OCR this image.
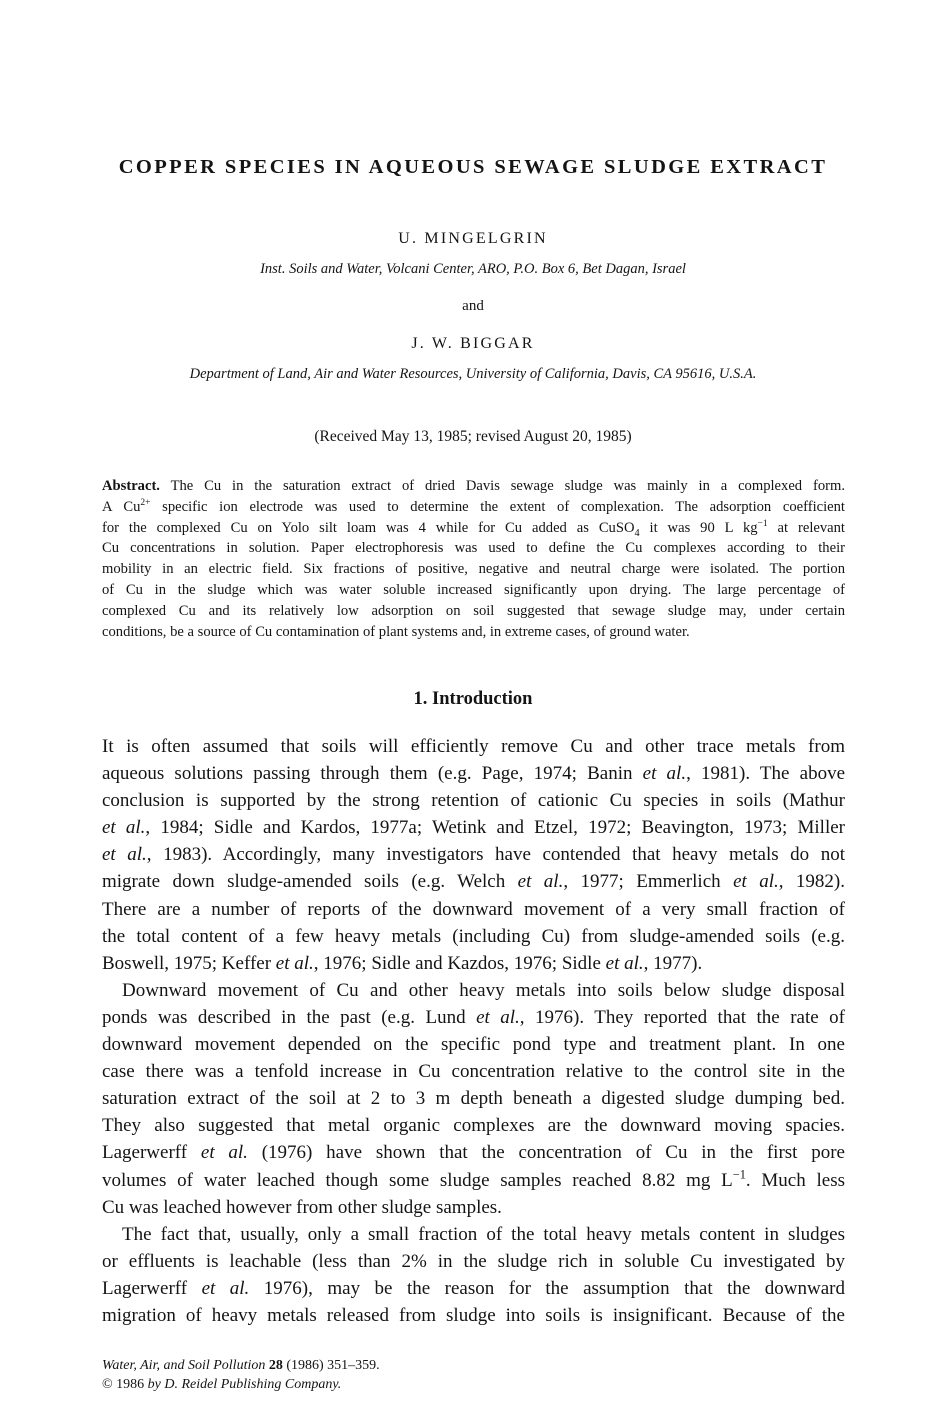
COPPER SPECIES IN AQUEOUS SEWAGE SLUDGE EXTRACT
U. MINGELGRIN
Inst. Soils and Water, Volcani Center, ARO, P.O. Box 6, Bet Dagan, Israel
and
J. W. BIGGAR
Department of Land, Air and Water Resources, University of California, Davis, CA 95616, U.S.A.
(Received May 13, 1985; revised August 20, 1985)
Abstract. The Cu in the saturation extract of dried Davis sewage sludge was mainly in a complexed form.
A $Cu^{2+}$ specific ion electrode was used to determine the extent of complexation. The adsorption coefficient
for the complexed Cu on Yolo silt loam was 4 while for Cu added as CuSO$_4$ it was 90 L $kg^{-1}$ at relevant
Cu concentrations in solution. Paper electrophoresis was used to define the Cu complexes according to their
mobility in an electric field. Six fractions of positive, negative and neutral charge were isolated. The portion
of Cu in the sludge which was water soluble increased significantly upon drying. The large percentage of
complexed Cu and its relatively low adsorption on soil suggested that sewage sludge may, under certain
conditions, be a source of Cu contamination of plant systems and, in extreme cases, of ground water.
1. Introduction
It is often assumed that soils will efficiently remove Cu and other trace metals from
aqueous solutions passing through them (e.g. Page, 1974; Banin et al., 1981). The above
conclusion is supported by the strong retention of cationic Cu species in soils (Mathur
et al., 1984; Sidle and Kardos, 1977a; Wetink and Etzel, 1972; Beavington, 1973; Miller
et al., 1983). Accordingly, many investigators have contended that heavy metals do not
migrate down sludge-amended soils (e.g. Welch et al., 1977; Emmerlich et al., 1982).
There are a number of reports of the downward movement of a very small fraction of
the total content of a few heavy metals (including Cu) from sludge-amended soils (e.g.
Boswell, 1975; Keffer et al., 1976; Sidle and Kazdos, 1976; Sidle et al., 1977).
Downward movement of Cu and other heavy metals into soils below sludge disposal
ponds was described in the past (e.g. Lund et al., 1976). They reported that the rate of
downward movement depended on the specific pond type and treatment plant. In one
case there was a tenfold increase in Cu concentration relative to the control site in the
saturation extract of the soil at 2 to 3 m depth beneath a digested sludge dumping bed.
They also suggested that metal organic complexes are the downward moving spacies.
Lagerwerff et al. (1976) have shown that the concentration of Cu in the first pore
volumes of water leached though some sludge samples reached 8.82 mg $L^{-1}$. Much less
Cu was leached however from other sludge samples.
The fact that, usually, only a small fraction of the total heavy metals content in sludges
or effluents is leachable (less than 2% in the sludge rich in soluble Cu investigated by
Lagerwerff et al. 1976), may be the reason for the assumption that the downward
migration of heavy metals released from sludge into soils is insignificant. Because of the
Water, Air, and Soil Pollution 28 (1986) 351–359.
© 1986 by D. Reidel Publishing Company.
